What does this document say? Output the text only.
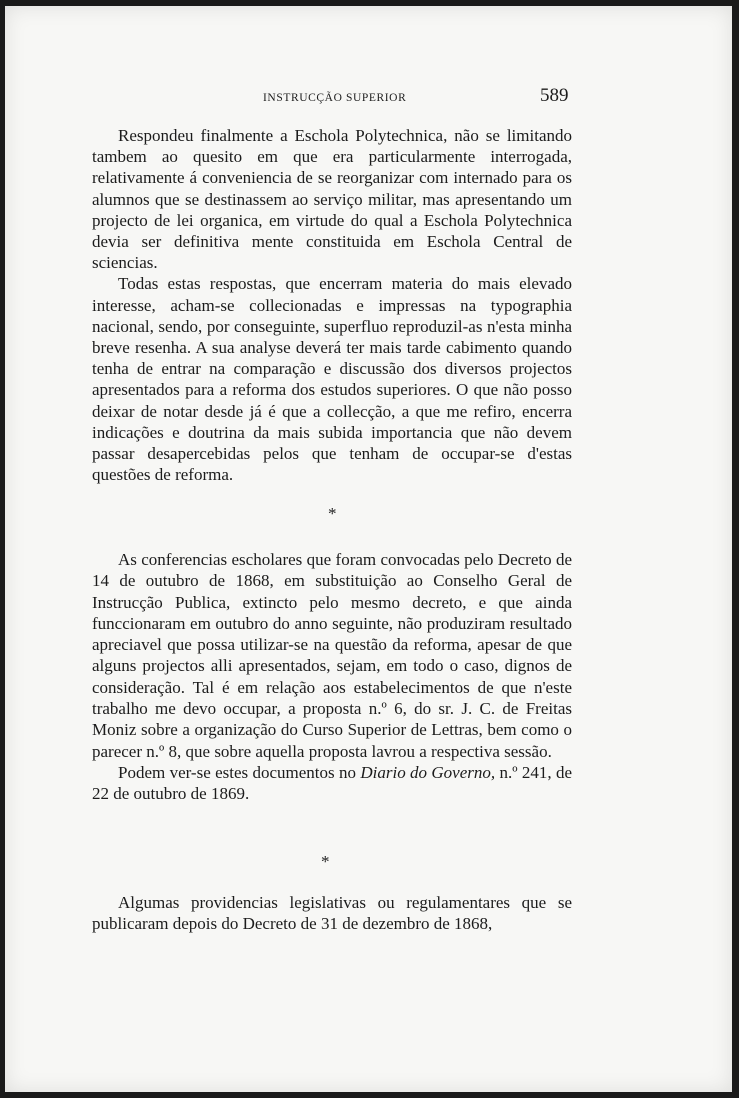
INSTRUCÇÃO SUPERIOR	589

Respondeu finalmente a Eschola Polytechnica, não se limitando tambem ao quesito em que era particularmente interrogada, relativamente á conveniencia de se reorganizar com internado para os alumnos que se destinassem ao serviço militar, mas apresentando um projecto de lei organica, em virtude do qual a Eschola Polytechnica devia ser definitiva mente constituida em Eschola Central de sciencias.

Todas estas respostas, que encerram materia do mais elevado interesse, acham-se collecionadas e impressas na typographia nacional, sendo, por conseguinte, superfluo reproduzil-as n'esta minha breve resenha. A sua analyse deverá ter mais tarde cabimento quando tenha de entrar na comparação e discussão dos diversos projectos apresentados para a reforma dos estudos superiores. O que não posso deixar de notar desde já é que a collecção, a que me refiro, encerra indicações e doutrina da mais subida importancia que não devem passar desapercebidas pelos que tenham de occupar-se d'estas questões de reforma.

*

As conferencias escholares que foram convocadas pelo Decreto de 14 de outubro de 1868, em substituição ao Conselho Geral de Instrucção Publica, extincto pelo mesmo decreto, e que ainda funccionaram em outubro do anno seguinte, não produziram resultado apreciavel que possa utilizar-se na questão da reforma, apesar de que alguns projectos alli apresentados, sejam, em todo o caso, dignos de consideração. Tal é em relação aos estabelecimentos de que n'este trabalho me devo occupar, a proposta n.º 6, do sr. J. C. de Freitas Moniz sobre a organização do Curso Superior de Lettras, bem como o parecer n.º 8, que sobre aquella proposta lavrou a respectiva sessão.

Podem ver-se estes documentos no Diario do Governo, n.º 241, de 22 de outubro de 1869.

*

Algumas providencias legislativas ou regulamentares que se publicaram depois do Decreto de 31 de dezembro de 1868,
